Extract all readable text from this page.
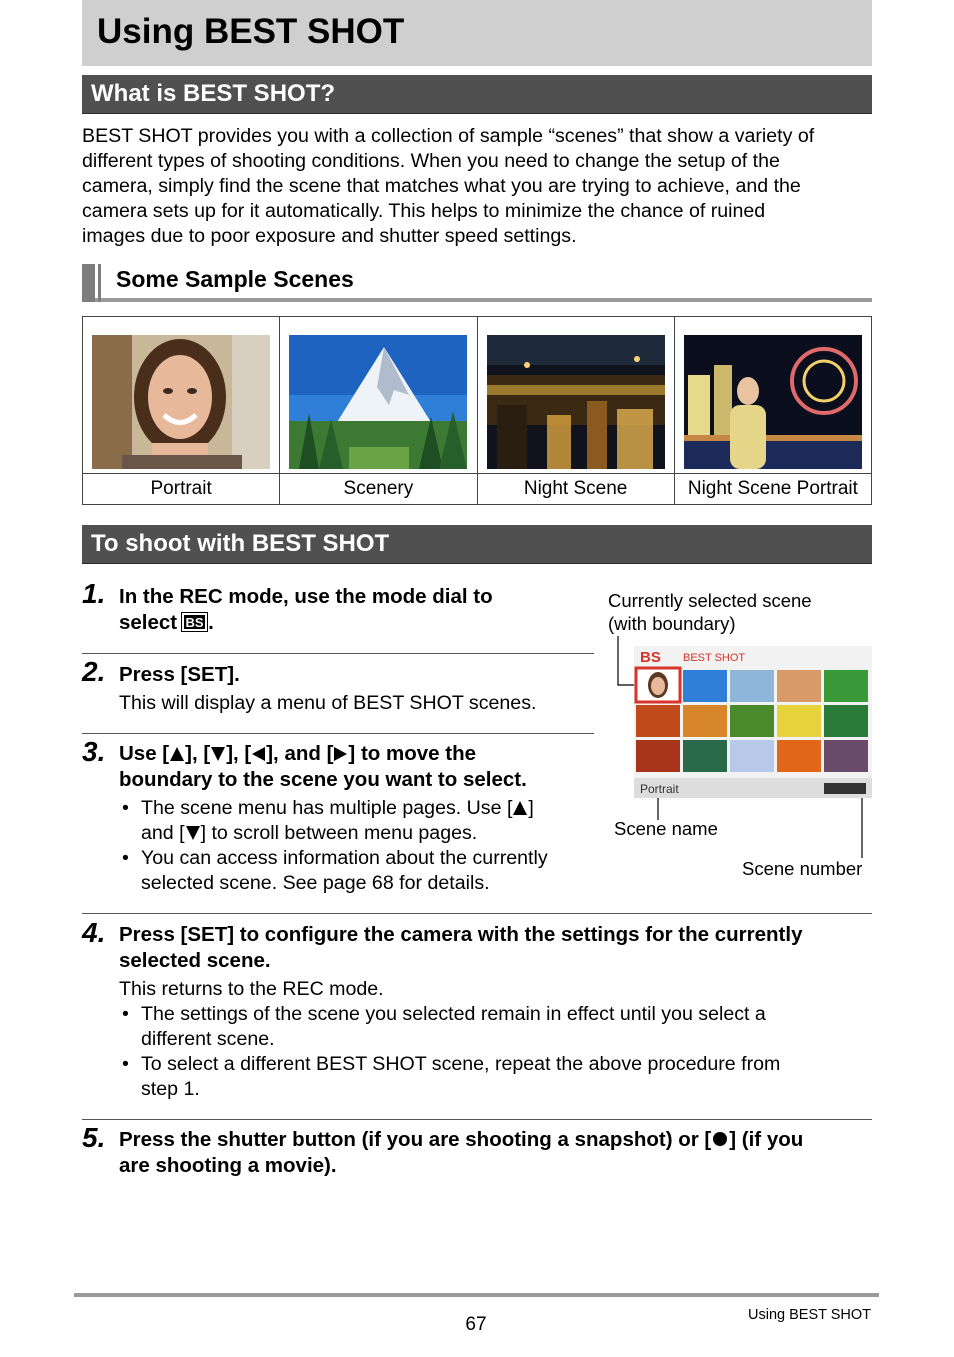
Using BEST SHOT
What is BEST SHOT?
BEST SHOT provides you with a collection of sample “scenes” that show a variety of
different types of shooting conditions. When you need to change the setup of the
camera, simply find the scene that matches what you are trying to achieve, and the
camera sets up for it automatically. This helps to minimize the chance of ruined
images due to poor exposure and shutter speed settings.
Some Sample Scenes

Portrait	Scenery	Night Scene	Night Scene Portrait
To shoot with BEST SHOT
1. In the REC mode, use the mode dial to
select BS .
2. Press [SET].
This will display a menu of BEST SHOT scenes.
3. Use [ ], [ ], [ ], and [ ] to move the
boundary to the scene you want to select.
• The scene menu has multiple pages. Use [ ]
and [ ] to scroll between menu pages.
• You can access information about the currently
selected scene. See page 68 for details.
Currently selected scene
(with boundary)
BS BEST SHOT
Portrait
Scene name
Scene number
4. Press [SET] to configure the camera with the settings for the currently
selected scene.
This returns to the REC mode.
• The settings of the scene you selected remain in effect until you select a
different scene.
• To select a different BEST SHOT scene, repeat the above procedure from
step 1.
5. Press the shutter button (if you are shooting a snapshot) or [ ] (if you
are shooting a movie).
67	Using BEST SHOT
